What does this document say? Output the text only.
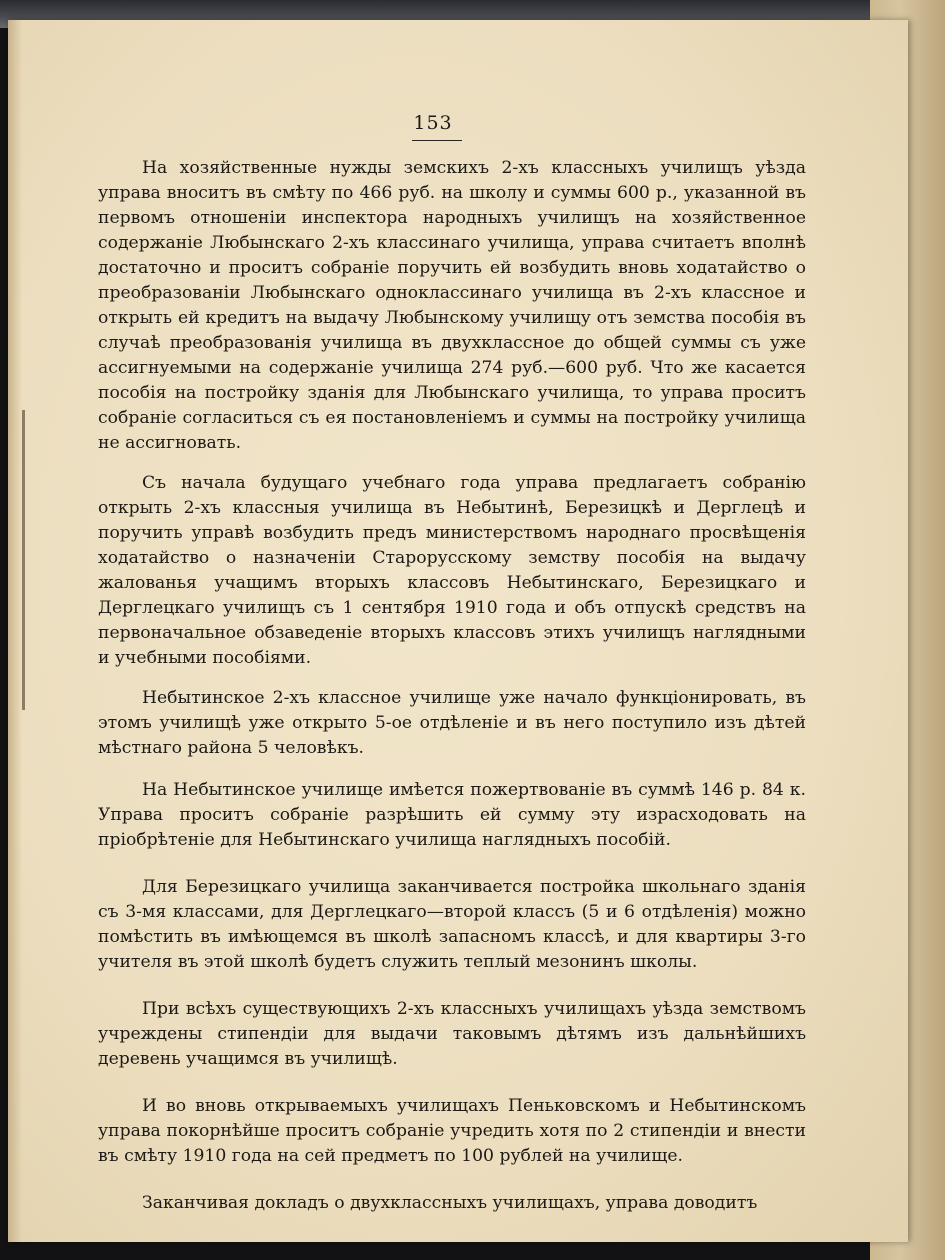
153

На хозяйственные нужды земскихъ 2-хъ классныхъ училищъ уѣзда управа вноситъ въ смѣту по 466 руб. на школу и суммы 600 р., указанной въ первомъ отношеніи инспектора народныхъ училищъ на хозяйственное содержаніе Любынскаго 2-хъ классинаго училища, управа считаетъ вполнѣ достаточно и проситъ собраніе поручить ей возбудить вновь ходатайство о преобразованіи Любынскаго одноклассинаго училища въ 2-хъ классное и открыть ей кредитъ на выдачу Любынскому училищу отъ земства пособія въ случаѣ преобразованія училища въ двухклассное до общей суммы съ уже ассигнуемыми на содержаніе училища 274 руб.—600 руб. Что же касается пособія на постройку зданія для Любынскаго училища, то управа проситъ собраніе согласиться съ ея постановленіемъ и суммы на постройку училища не ассигновать.

Съ начала будущаго учебнаго года управа предлагаетъ собранію открыть 2-хъ классныя училища въ Небытинѣ, Березицкѣ и Дерглецѣ и поручить управѣ возбудить предъ министерствомъ народнаго просвѣщенія ходатайство о назначеніи Старорусскому земству пособія на выдачу жалованья учащимъ вторыхъ классовъ Небытинскаго, Березицкаго и Дерглецкаго училищъ съ 1 сентября 1910 года и объ отпускѣ средствъ на первоначальное обзаведеніе вторыхъ классовъ этихъ училищъ наглядными и учебными пособіями.

Небытинское 2-хъ классное училище уже начало функціонировать, въ этомъ училищѣ уже открыто 5-ое отдѣленіе и въ него поступило изъ дѣтей мѣстнаго района 5 человѣкъ.

На Небытинское училище имѣется пожертвованіе въ суммѣ 146 р. 84 к. Управа проситъ собраніе разрѣшить ей сумму эту израсходовать на пріобрѣтеніе для Небытинскаго училища наглядныхъ пособій.

Для Березицкаго училища заканчивается постройка школьнаго зданія съ 3-мя классами, для Дерглецкаго—второй классъ (5 и 6 отдѣленія) можно помѣстить въ имѣющемся въ школѣ запасномъ классѣ, и для квартиры 3-го учителя въ этой школѣ будетъ служить теплый мезонинъ школы.

При всѣхъ существующихъ 2-хъ классныхъ училищахъ уѣзда земствомъ учреждены стипендіи для выдачи таковымъ дѣтямъ изъ дальнѣйшихъ деревень учащимся въ училищѣ.

И во вновь открываемыхъ училищахъ Пеньковскомъ и Небытинскомъ управа покорнѣйше проситъ собраніе учредить хотя по 2 стипендіи и внести въ смѣту 1910 года на сей предметъ по 100 рублей на училище.

Заканчивая докладъ о двухклассныхъ училищахъ, управа доводитъ
